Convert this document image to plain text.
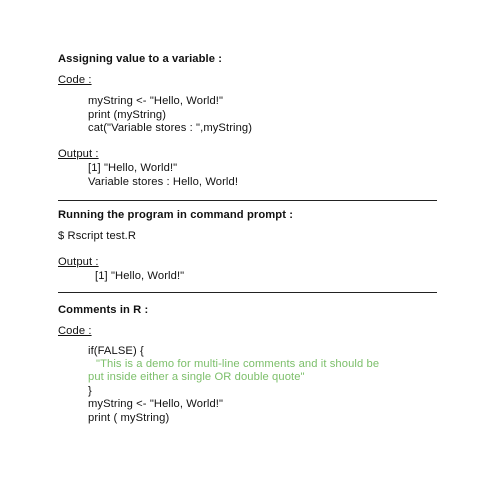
Assigning value to a variable :
Code :
myString <- "Hello, World!"
print (myString)
cat("Variable stores : ",myString)
Output :
[1] "Hello, World!"
Variable stores : Hello, World!
Running the program in command prompt :
$ Rscript test.R
Output :
[1] "Hello, World!"
Comments in R :
Code :
if(FALSE) {
"This is a demo for multi-line comments and it should be
put inside either a single OR double quote"
}
myString <- "Hello, World!"
print ( myString)
